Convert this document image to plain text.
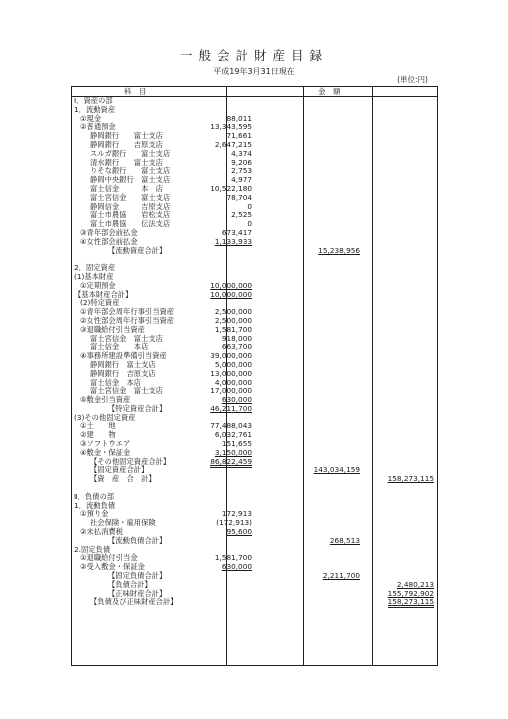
一般会計財産目録
平成19年3月31日現在
(単位:円)
科　目	金　額
Ⅰ．資産の部
1．流動資産
①現金	88,011
②普通預金	13,343,595
静岡銀行　　富士支店	71,661
静岡銀行　　吉原支店	2,647,215
スルガ銀行　　富士支店	4,374
清水銀行　　富士支店	9,206
りそな銀行　　富士支店	2,753
静岡中央銀行　富士支店	4,977
富士信金　　　本　店	10,522,180
富士宮信金　　富士支店	78,704
静岡信金　　　吉原支店	0
富士市農協　　岩松支店	2,525
富士市農協　　伝法支店	0
③青年部会前払金	673,417
④女性部会前払金	1,133,933
【流動資産合計】	15,238,956
2．固定資産
(1)基本財産
①定期預金	10,000,000
【基本財産合計】	10,000,000
(2)特定資産
①青年部会周年行事引当資産	2,500,000
②女性部会周年行事引当資産	2,500,000
③退職給付引当資産	1,581,700
富士宮信金　富士支店	918,000
富士信金　　本店	663,700
④事務所建設準備引当資産	39,000,000
静岡銀行　富士支店	5,000,000
静岡銀行　吉原支店	13,000,000
富士信金　本店	4,000,000
富士宮信金　富士支店	17,000,000
⑤敷金引当資産	630,000
【特定資産合計】	46,211,700
(3)その他固定資産
①土　　地	77,488,043
②建　　物	6,032,761
③ソフトウエア	151,655
④敷金・保証金	3,150,000
【その他固定資産合計】	86,822,459
【固定資産合計】	143,034,159
【資　産　合　計】	158,273,115
Ⅱ．負債の部
1．流動負債
①預り金	172,913
社会保険・雇用保険	(172,913)
②未払消費税	95,600
【流動負債合計】	268,513
2.固定負債
①退職給付引当金	1,581,700
②受入敷金・保証金	630,000
【固定負債合計】	2,211,700
【負債合計】	2,480,213
【正味財産合計】	155,792,902
【負債及び正味財産合計】	158,273,115
